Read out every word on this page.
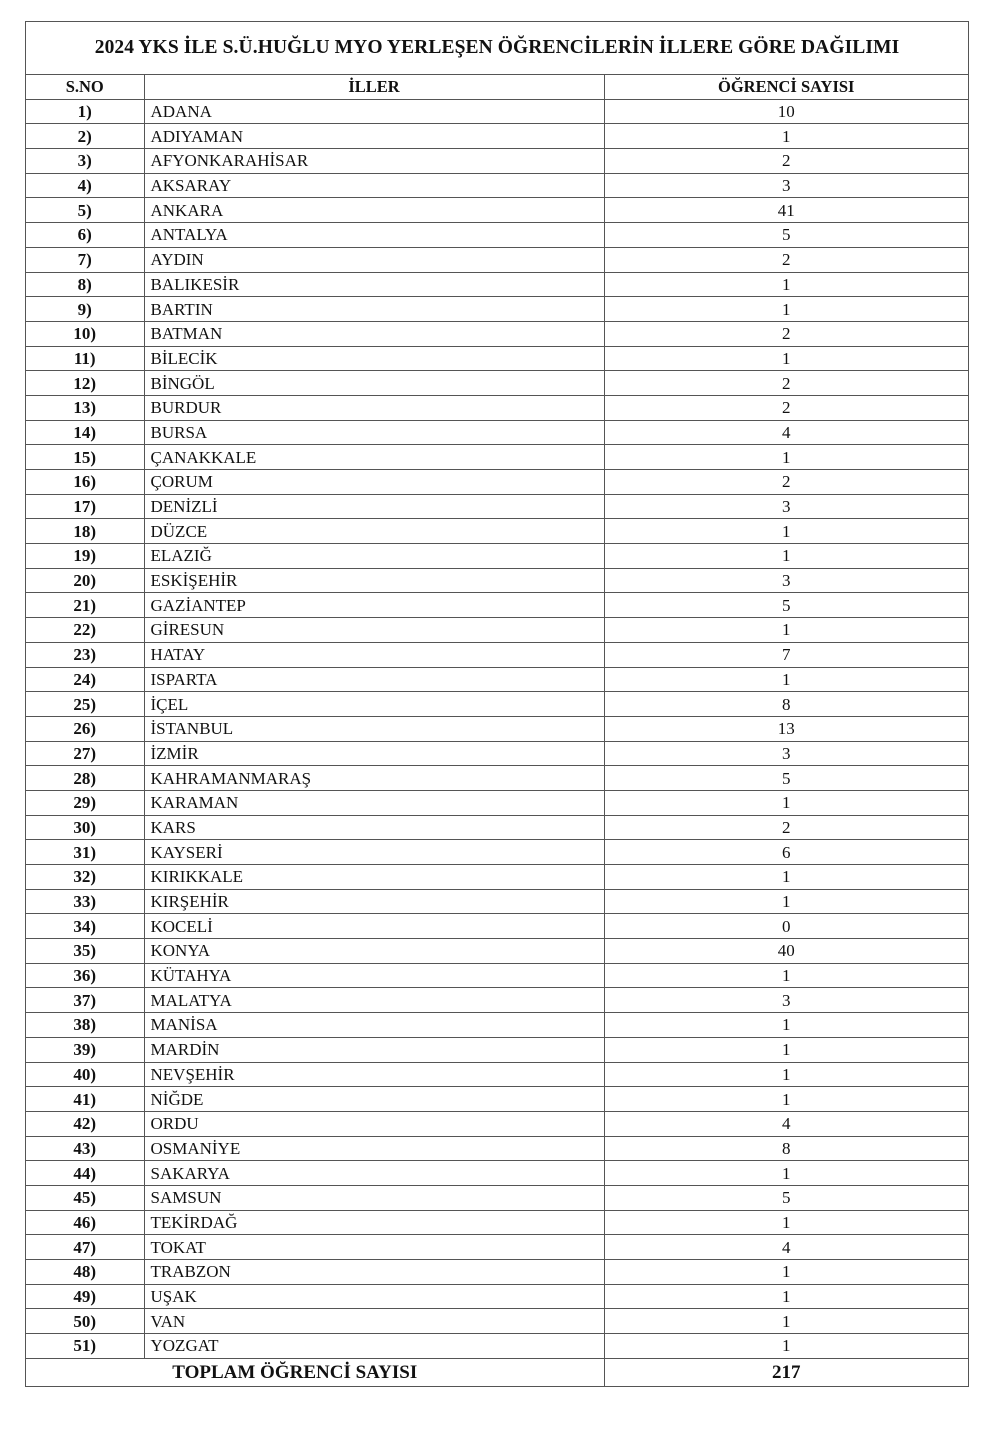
2024 YKS İLE S.Ü.HUĞLU MYO YERLEŞEN ÖĞRENCİLERİN İLLERE GÖRE DAĞILIMI
S.NO	İLLER	ÖĞRENCİ SAYISI
1)	ADANA	10
2)	ADIYAMAN	1
3)	AFYONKARAHİSAR	2
4)	AKSARAY	3
5)	ANKARA	41
6)	ANTALYA	5
7)	AYDIN	2
8)	BALIKESİR	1
9)	BARTIN	1
10)	BATMAN	2
11)	BİLECİK	1
12)	BİNGÖL	2
13)	BURDUR	2
14)	BURSA	4
15)	ÇANAKKALE	1
16)	ÇORUM	2
17)	DENİZLİ	3
18)	DÜZCE	1
19)	ELAZIĞ	1
20)	ESKİŞEHİR	3
21)	GAZİANTEP	5
22)	GİRESUN	1
23)	HATAY	7
24)	ISPARTA	1
25)	İÇEL	8
26)	İSTANBUL	13
27)	İZMİR	3
28)	KAHRAMANMARAŞ	5
29)	KARAMAN	1
30)	KARS	2
31)	KAYSERİ	6
32)	KIRIKKALE	1
33)	KIRŞEHİR	1
34)	KOCELİ	0
35)	KONYA	40
36)	KÜTAHYA	1
37)	MALATYA	3
38)	MANİSA	1
39)	MARDİN	1
40)	NEVŞEHİR	1
41)	NİĞDE	1
42)	ORDU	4
43)	OSMANİYE	8
44)	SAKARYA	1
45)	SAMSUN	5
46)	TEKİRDAĞ	1
47)	TOKAT	4
48)	TRABZON	1
49)	UŞAK	1
50)	VAN	1
51)	YOZGAT	1
TOPLAM ÖĞRENCİ SAYISI		217
